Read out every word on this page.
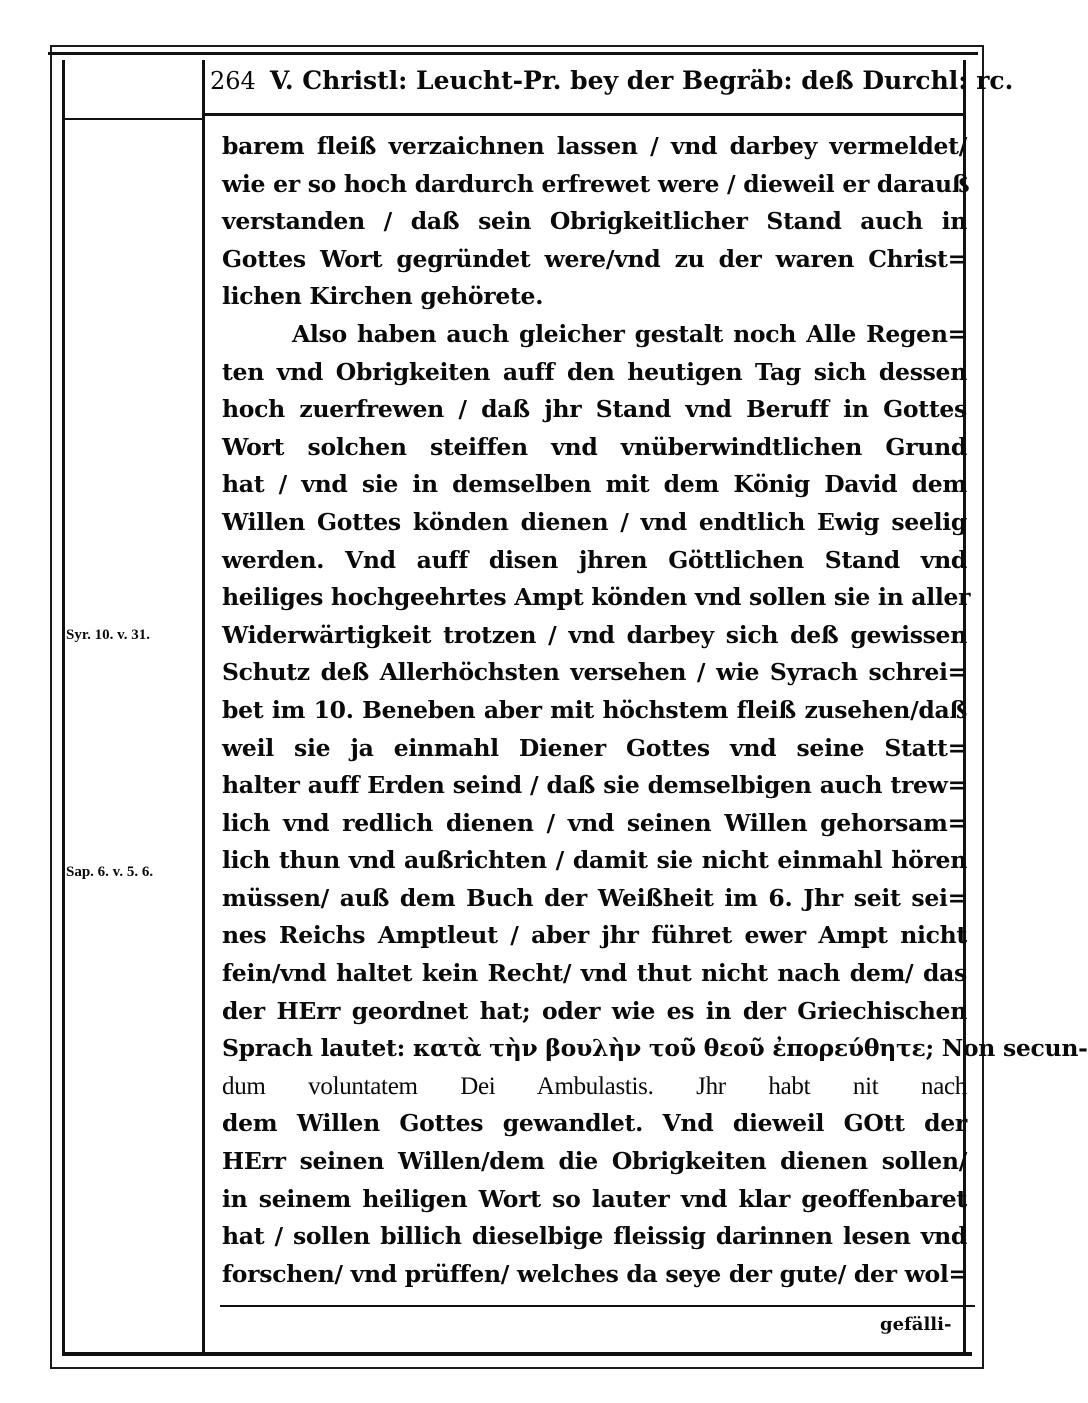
264 V. Christl: Leucht-Pr. bey der Begräb: deß Durchl: rc.
Syr. 10. v. 31.
Sap. 6. v. 5. 6.
barem fleiß verzaichnen lassen / vnd darbey vermeldet/
wie er so hoch dardurch erfrewet were / dieweil er darauß
verstanden / daß sein Obrigkeitlicher Stand auch in
Gottes Wort gegründet were/vnd zu der waren Christ=
lichen Kirchen gehörete.
Also haben auch gleicher gestalt noch Alle Regen=
ten vnd Obrigkeiten auff den heutigen Tag sich dessen
hoch zuerfrewen / daß jhr Stand vnd Beruff in Gottes
Wort solchen steiffen vnd vnüberwindtlichen Grund
hat / vnd sie in demselben mit dem König David dem
Willen Gottes könden dienen / vnd endtlich Ewig seelig
werden. Vnd auff disen jhren Göttlichen Stand vnd
heiliges hochgeehrtes Ampt könden vnd sollen sie in aller
Widerwärtigkeit trotzen / vnd darbey sich deß gewissen
Schutz deß Allerhöchsten versehen / wie Syrach schrei=
bet im 10. Beneben aber mit höchstem fleiß zusehen/daß
weil sie ja einmahl Diener Gottes vnd seine Statt=
halter auff Erden seind / daß sie demselbigen auch trew=
lich vnd redlich dienen / vnd seinen Willen gehorsam=
lich thun vnd außrichten / damit sie nicht einmahl hören
müssen/ auß dem Buch der Weißheit im 6. Jhr seit sei=
nes Reichs Amptleut / aber jhr führet ewer Ampt nicht
fein/vnd haltet kein Recht/ vnd thut nicht nach dem/ das
der HErr geordnet hat; oder wie es in der Griechischen
Sprach lautet: κατὰ τὴν βουλὴν τοῦ θεοῦ ἐπορεύθητε; Non secun-
dum voluntatem Dei Ambulastis. Jhr habt nit nach
dem Willen Gottes gewandlet. Vnd dieweil GOtt der
HErr seinen Willen/dem die Obrigkeiten dienen sollen/
in seinem heiligen Wort so lauter vnd klar geoffenbaret
hat / sollen billich dieselbige fleissig darinnen lesen vnd
forschen/ vnd prüffen/ welches da seye der gute/ der wol=
gefälli-
